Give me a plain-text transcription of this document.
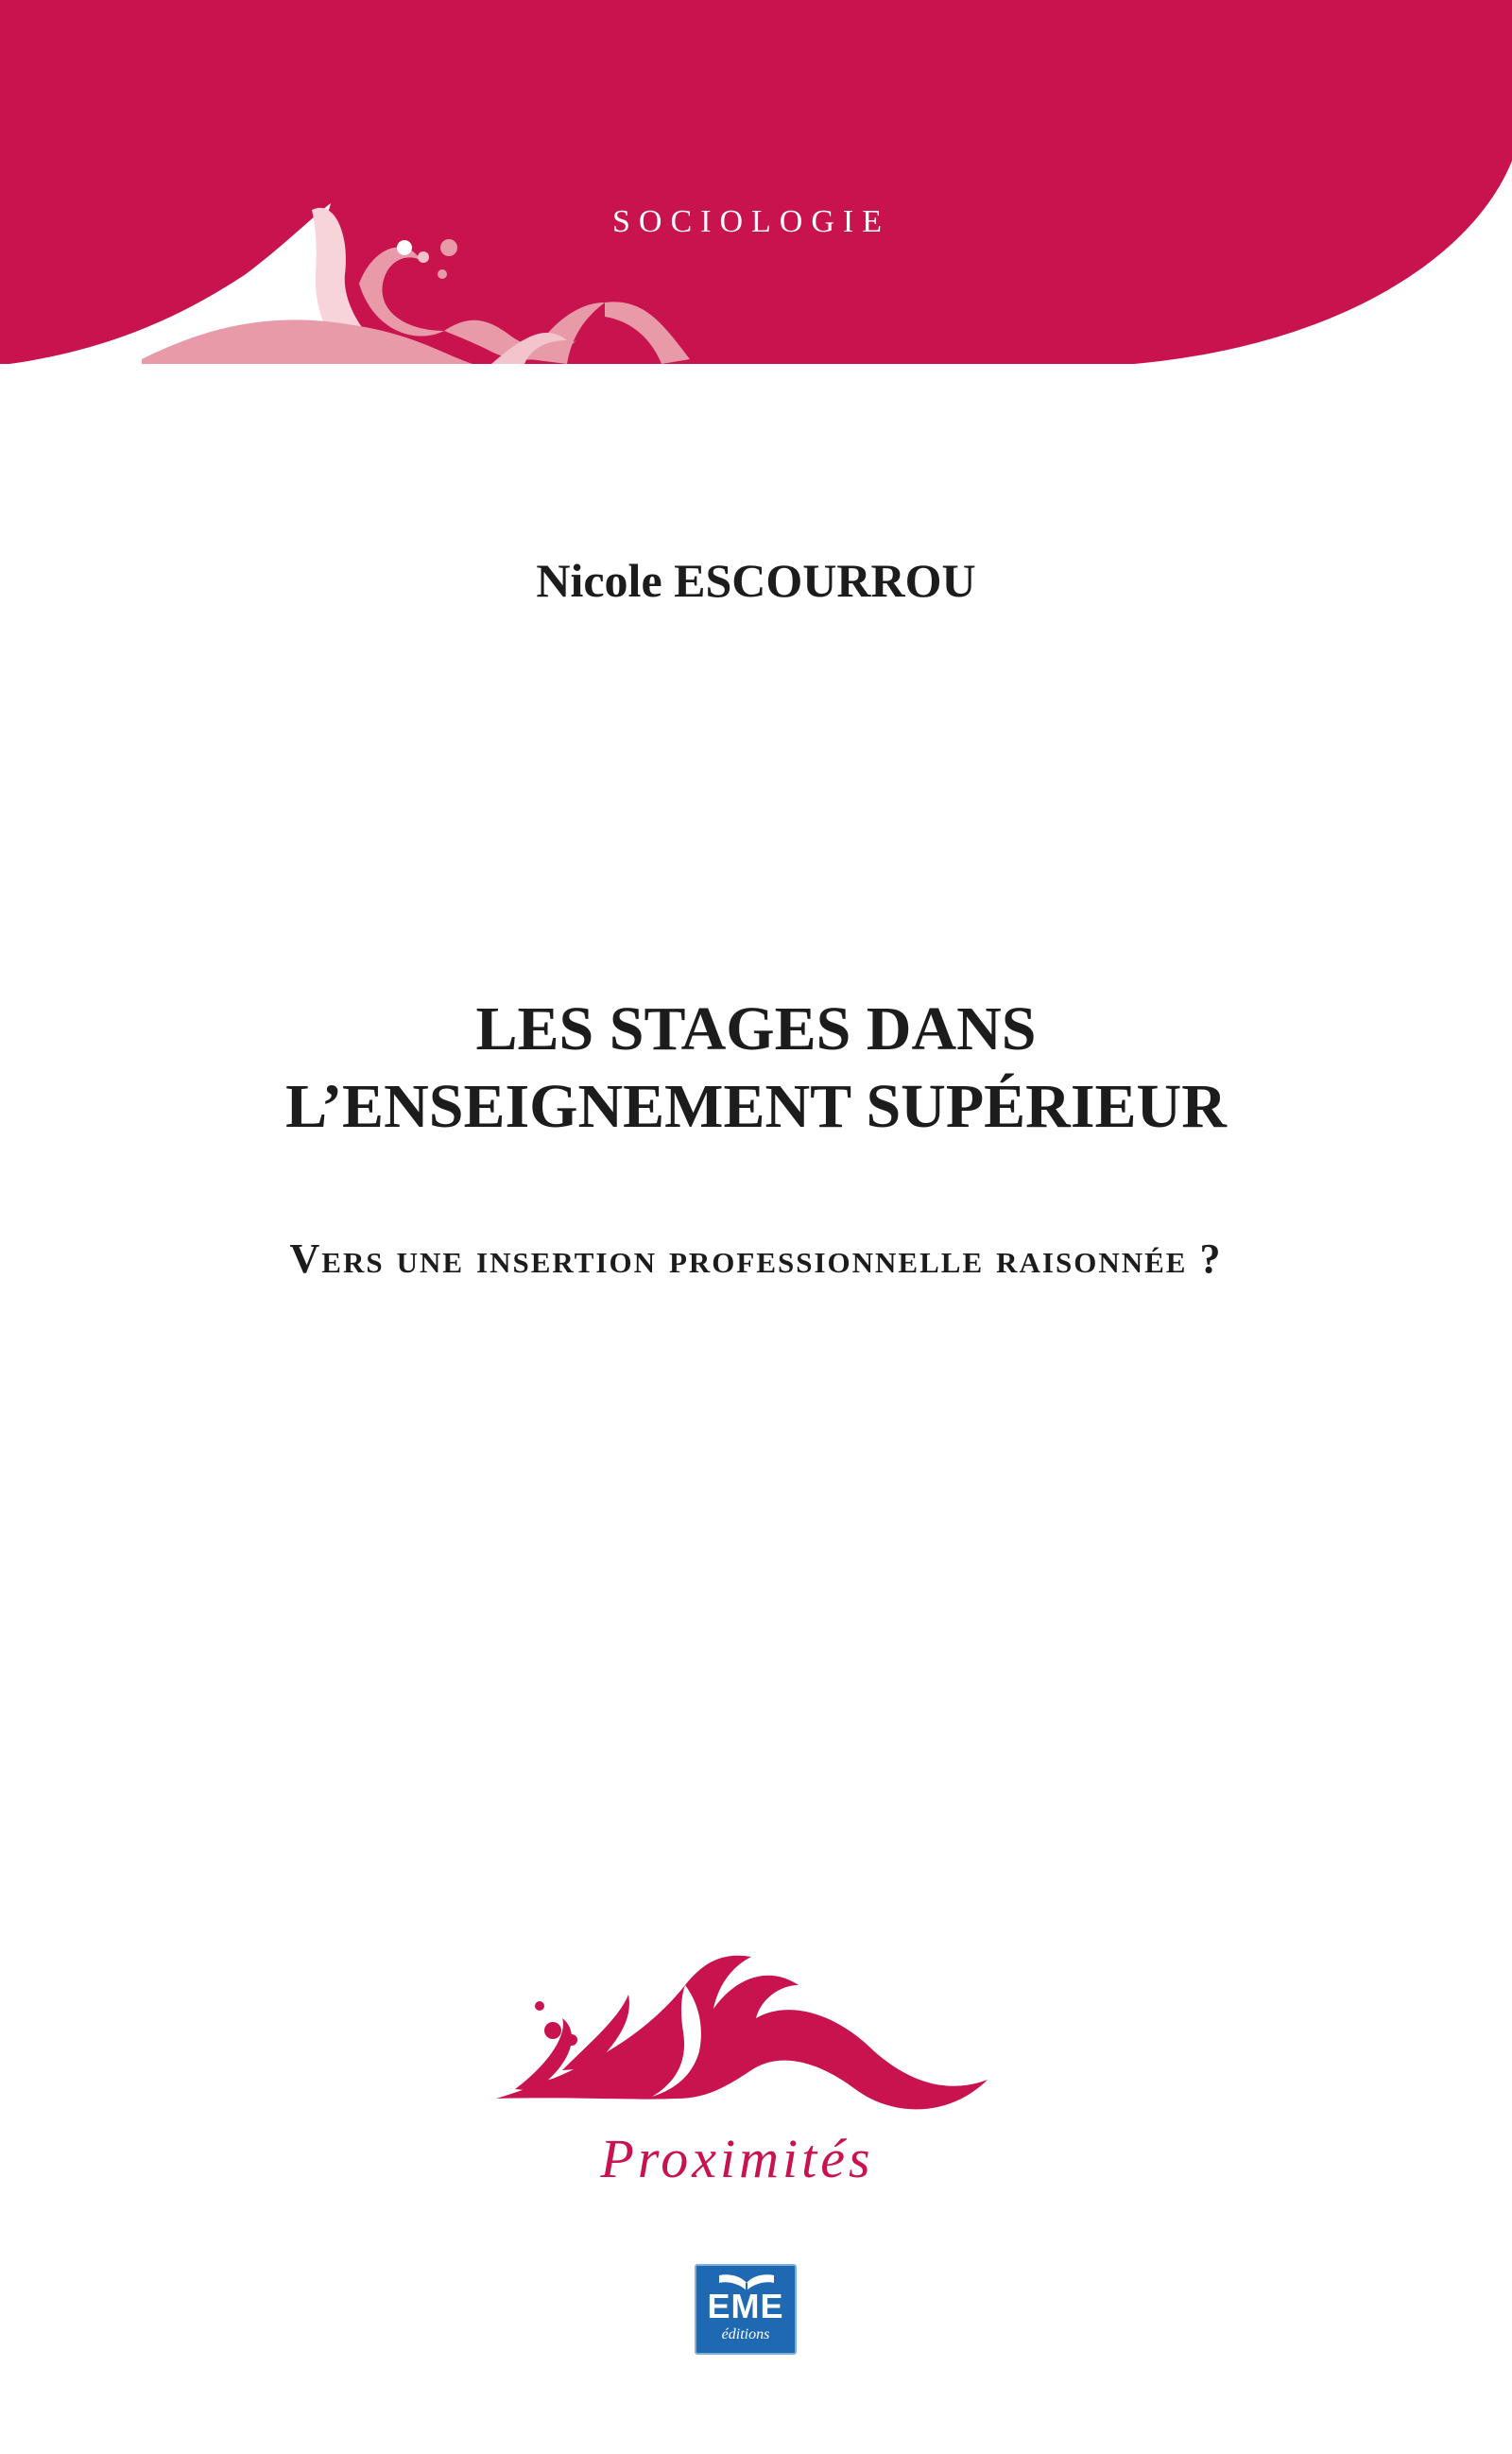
SOCIOLOGIE
Nicole ESCOURROU
LES STAGES DANS
L’ENSEIGNEMENT SUPÉRIEUR
Vers une insertion professionnelle raisonnée ?
Proximités
EME
éditions
